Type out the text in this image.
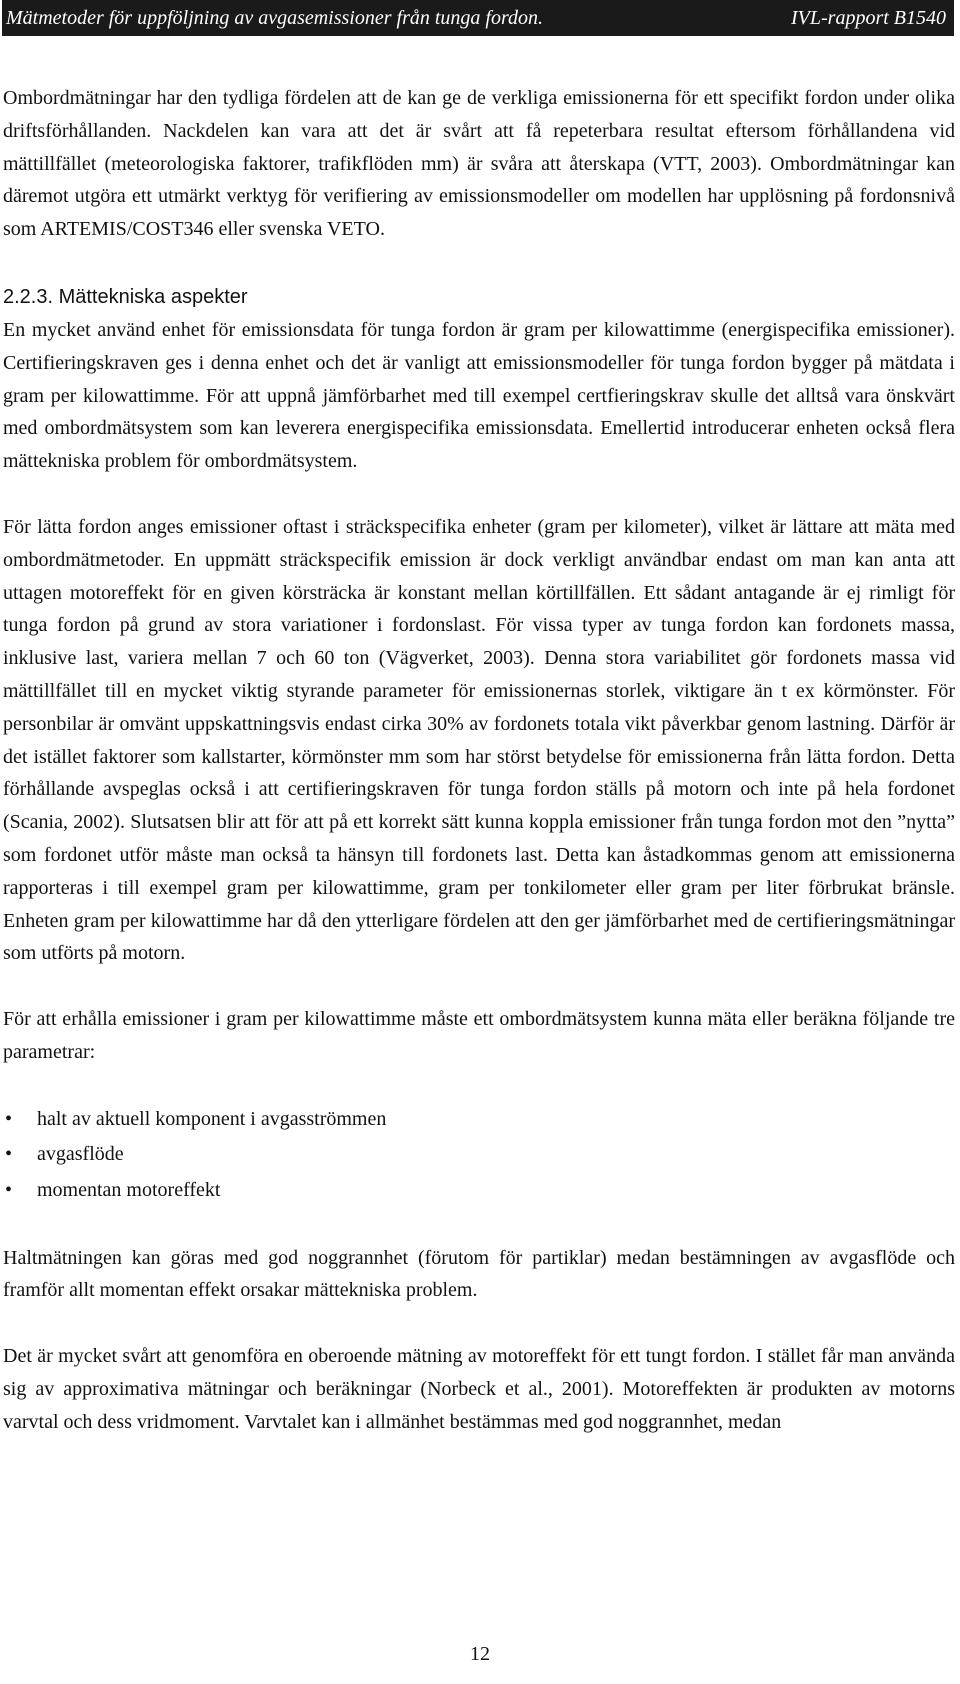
Mätmetoder för uppföljning av avgasemissioner från tunga fordon.	IVL-rapport B1540

Ombordmätningar har den tydliga fördelen att de kan ge de verkliga emissionerna för ett specifikt fordon under olika driftsförhållanden. Nackdelen kan vara att det är svårt att få repeterbara resultat eftersom förhållandena vid mättillfället (meteorologiska faktorer, trafikflöden mm) är svåra att återskapa (VTT, 2003). Ombordmätningar kan däremot utgöra ett utmärkt verktyg för verifiering av emissionsmodeller om modellen har upplösning på fordonsnivå som ARTEMIS/COST346 eller svenska VETO.

2.2.3. Mättekniska aspekter

En mycket använd enhet för emissionsdata för tunga fordon är gram per kilowattimme (energispecifika emissioner). Certifieringskraven ges i denna enhet och det är vanligt att emissionsmodeller för tunga fordon bygger på mätdata i gram per kilowattimme. För att uppnå jämförbarhet med till exempel certfieringskrav skulle det alltså vara önskvärt med ombordmätsystem som kan leverera energispecifika emissionsdata. Emellertid introducerar enheten också flera mättekniska problem för ombordmätsystem.

För lätta fordon anges emissioner oftast i sträckspecifika enheter (gram per kilometer), vilket är lättare att mäta med ombordmätmetoder. En uppmätt sträckspecifik emission är dock verkligt användbar endast om man kan anta att uttagen motoreffekt för en given körsträcka är konstant mellan körtillfällen. Ett sådant antagande är ej rimligt för tunga fordon på grund av stora variationer i fordonslast. För vissa typer av tunga fordon kan fordonets massa, inklusive last, variera mellan 7 och 60 ton (Vägverket, 2003). Denna stora variabilitet gör fordonets massa vid mättillfället till en mycket viktig styrande parameter för emissionernas storlek, viktigare än t ex körmönster. För personbilar är omvänt uppskattningsvis endast cirka 30% av fordonets totala vikt påverkbar genom lastning. Därför är det istället faktorer som kallstarter, körmönster mm som har störst betydelse för emissionerna från lätta fordon. Detta förhållande avspeglas också i att certifieringskraven för tunga fordon ställs på motorn och inte på hela fordonet (Scania, 2002). Slutsatsen blir att för att på ett korrekt sätt kunna koppla emissioner från tunga fordon mot den ”nytta” som fordonet utför måste man också ta hänsyn till fordonets last. Detta kan åstadkommas genom att emissionerna rapporteras i till exempel gram per kilowattimme, gram per tonkilometer eller gram per liter förbrukat bränsle. Enheten gram per kilowattimme har då den ytterligare fördelen att den ger jämförbarhet med de certifieringsmätningar som utförts på motorn.

För att erhålla emissioner i gram per kilowattimme måste ett ombordmätsystem kunna mäta eller beräkna följande tre parametrar:

• halt av aktuell komponent i avgasströmmen
• avgasflöde
• momentan motoreffekt

Haltmätningen kan göras med god noggrannhet (förutom för partiklar) medan bestämningen av avgasflöde och framför allt momentan effekt orsakar mättekniska problem.

Det är mycket svårt att genomföra en oberoende mätning av motoreffekt för ett tungt fordon. I stället får man använda sig av approximativa mätningar och beräkningar (Norbeck et al., 2001). Motoreffekten är produkten av motorns varvtal och dess vridmoment. Varvtalet kan i allmänhet bestämmas med god noggrannhet, medan

12
